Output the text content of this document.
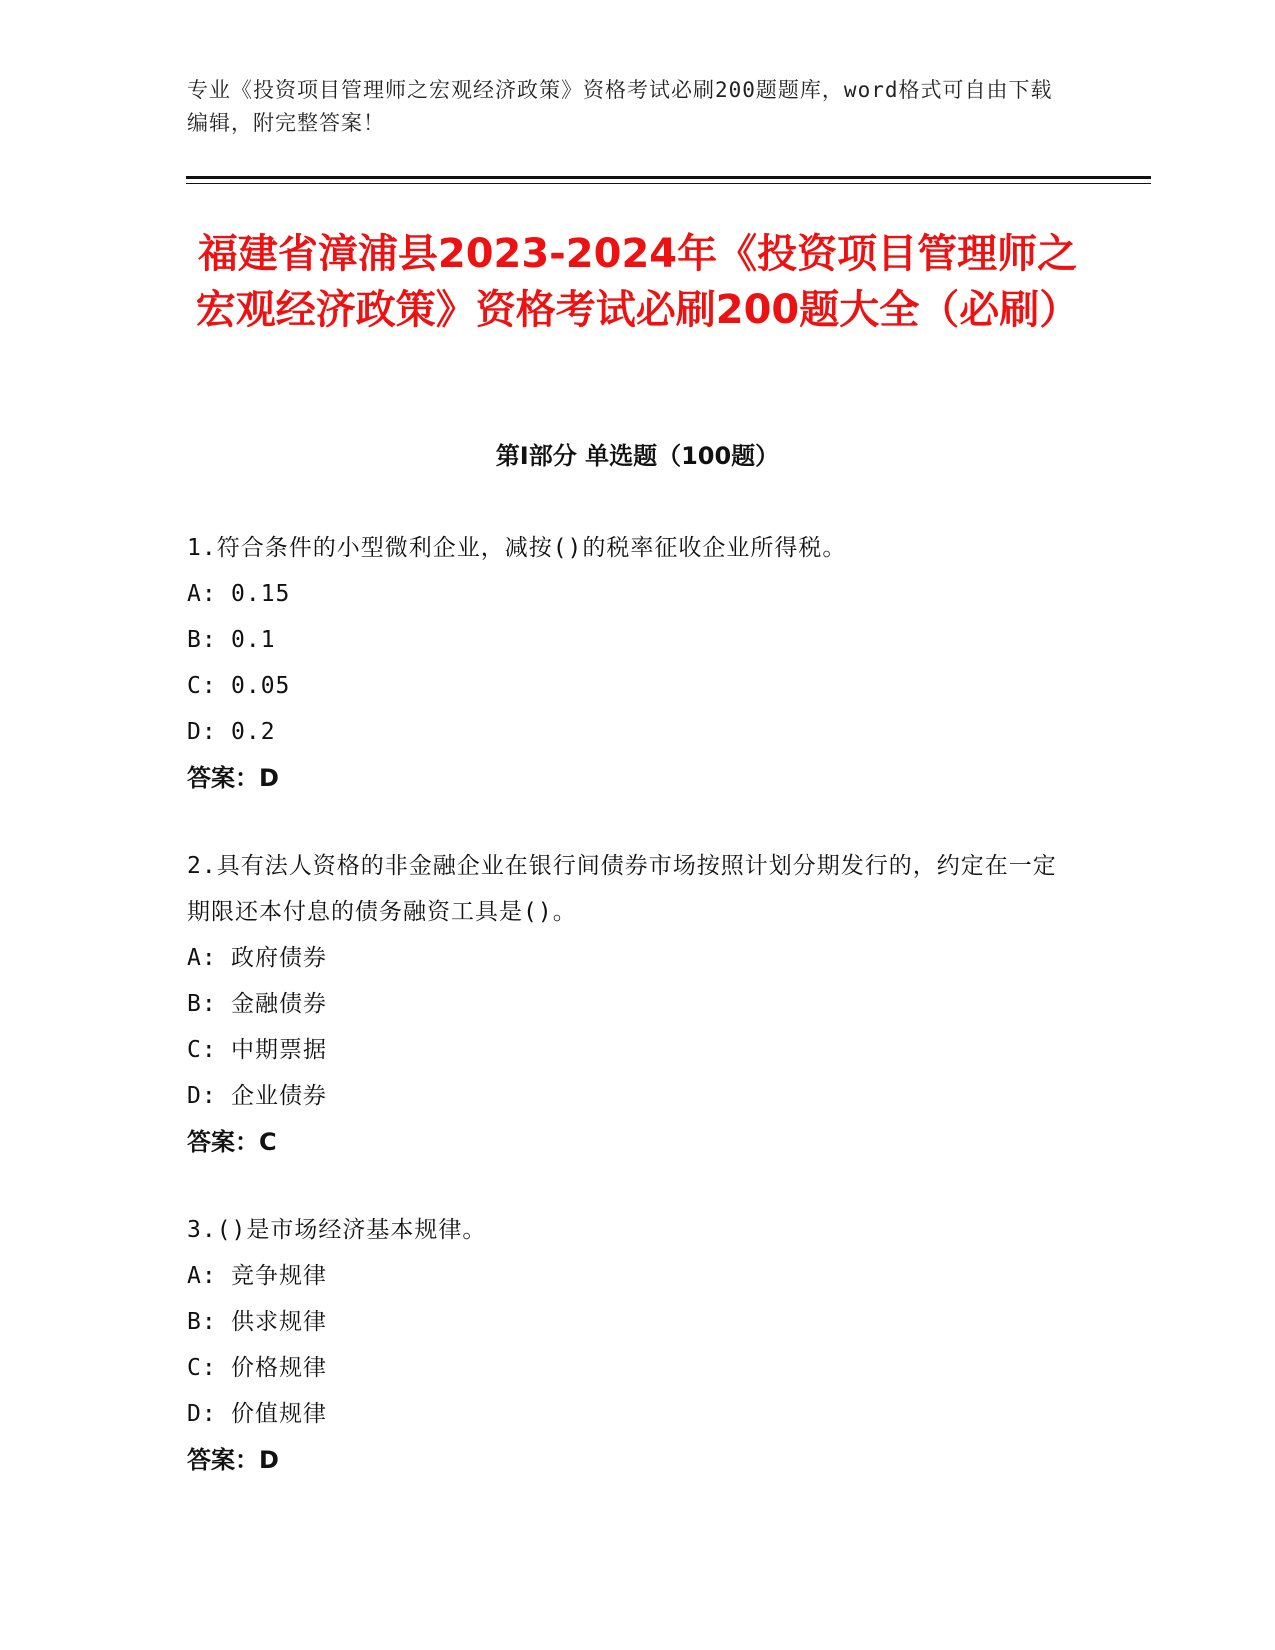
专业《投资项目管理师之宏观经济政策》资格考试必刷200题题库，word格式可自由下载编辑，附完整答案！
福建省漳浦县2023-2024年《投资项目管理师之宏观经济政策》资格考试必刷200题大全（必刷）
第Ⅰ部分 单选题（100题）

1.符合条件的小型微利企业，减按()的税率征收企业所得税。

A: 0.15

B: 0.1

C: 0.05

D: 0.2

答案：D

2.具有法人资格的非金融企业在银行间债券市场按照计划分期发行的，约定在一定期限还本付息的债务融资工具是()。

A: 政府债券

B: 金融债券

C: 中期票据

D: 企业债券

答案：C

3.()是市场经济基本规律。

A: 竞争规律

B: 供求规律

C: 价格规律

D: 价值规律

答案：D
